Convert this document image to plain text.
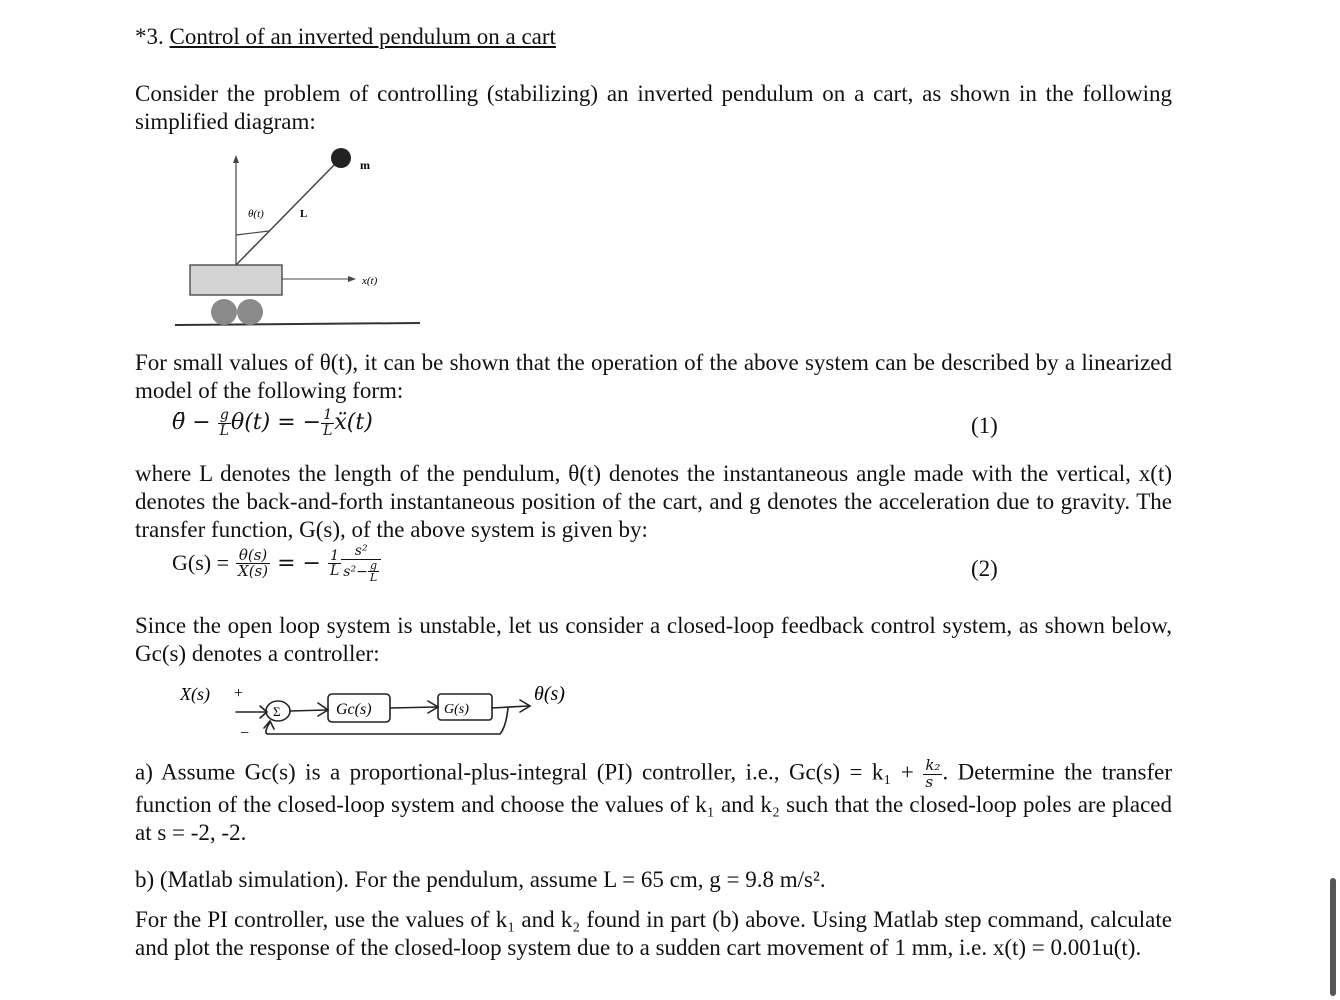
*3. Control of an inverted pendulum on a cart
Consider the problem of controlling (stabilizing) an inverted pendulum on a cart, as shown in the following simplified diagram:
m
θ(t)	L
x(t)
For small values of θ(t), it can be shown that the operation of the above system can be described by a linearized model of the following form:
θ̈ − $\frac{g}{L} \theta(t)$ = − $\frac{1}{L}$ ẍ(t)	(1)
where L denotes the length of the pendulum, θ(t) denotes the instantaneous angle made with the vertical, x(t) denotes the back-and-forth instantaneous position of the cart, and g denotes the acceleration due to gravity. The transfer function, G(s), of the above system is given by:
$G(s) = \frac{\theta(s)}{X(s)}$ = − $\frac{1}{L} \frac{\text{s²}}{s^2- \frac{g}{L}}$	(2)
Since the open loop system is unstable, let us consider a closed-loop feedback control system, as shown below, Gc(s) denotes a controller:
X(s) +
Σ
−
Gc(s)	G(s)
θ(s)
a) Assume Gc(s) is a proportional-plus-integral (PI) controller, i.e., $Gc(s) = k_1 + \frac{\text{k₂}}{s}$ . Determine the transfer function of the closed-loop system and choose the values of k₁ and k₂ such that the closed-loop poles are placed at s = -2, -2.
b) (Matlab simulation). For the pendulum, assume L = 65 cm, g = 9.8 m/s².
For the PI controller, use the values of k₁ and k₂ found in part (b) above. Using Matlab step command, calculate and plot the response of the closed-loop system due to a sudden cart movement of 1 mm, i.e. x(t) = 0.001u(t).
